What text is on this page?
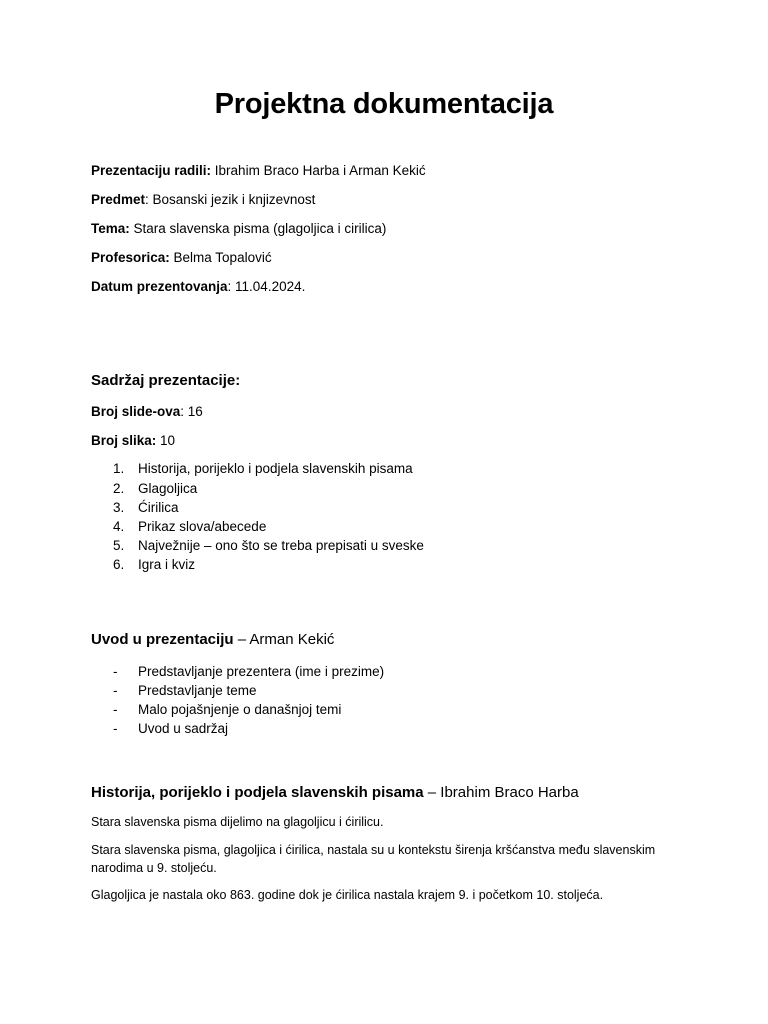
Projektna dokumentacija

Prezentaciju radili: Ibrahim Braco Harba i Arman Kekić

Predmet: Bosanski jezik i knjizevnost

Tema: Stara slavenska pisma (glagoljica i cirilica)

Profesorica: Belma Topalović

Datum prezentovanja: 11.04.2024.

Sadržaj prezentacije:

Broj slide-ova: 16

Broj slika: 10

1. Historija, porijeklo i podjela slavenskih pisama
2. Glagoljica
3. Ćirilica
4. Prikaz slova/abecede
5. Najvežnije – ono što se treba prepisati u sveske
6. Igra i kviz
Uvod u prezentaciju – Arman Kekić
- Predstavljanje prezentera (ime i prezime)
- Predstavljanje teme
- Malo pojašnjenje o današnjoj temi
- Uvod u sadržaj
Historija, porijeklo i podjela slavenskih pisama – Ibrahim Braco Harba

Stara slavenska pisma dijelimo na glagoljicu i ćirilicu.

Stara slavenska pisma, glagoljica i ćirilica, nastala su u kontekstu širenja kršćanstva među slavenskim narodima u 9. stoljeću.

Glagoljica je nastala oko 863. godine dok je ćirilica nastala krajem 9. i početkom 10. stoljeća.
